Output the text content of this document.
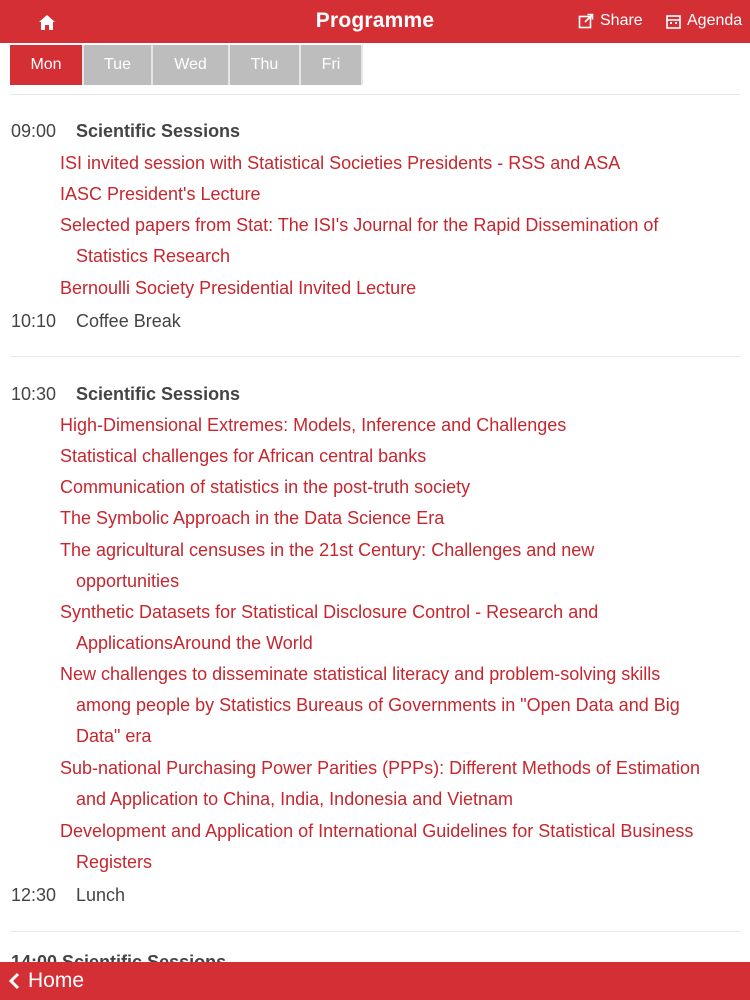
Programme	Share	Agenda
Mon	Tue	Wed	Thu	Fri
09:00 Scientific Sessions
ISI invited session with Statistical Societies Presidents - RSS and ASA
IASC President's Lecture
Selected papers from Stat: The ISI's Journal for the Rapid Dissemination of Statistics Research
Bernoulli Society Presidential Invited Lecture
10:10 Coffee Break
10:30 Scientific Sessions
High-Dimensional Extremes: Models, Inference and Challenges
Statistical challenges for African central banks
Communication of statistics in the post-truth society
The Symbolic Approach in the Data Science Era
The agricultural censuses in the 21st Century: Challenges and new opportunities
Synthetic Datasets for Statistical Disclosure Control - Research and ApplicationsAround the World
New challenges to disseminate statistical literacy and problem-solving skills among people by Statistics Bureaus of Governments in "Open Data and Big Data" era
Sub-national Purchasing Power Parities (PPPs): Different Methods of Estimation and Application to China, India, Indonesia and Vietnam
Development and Application of International Guidelines for Statistical Business Registers
12:30 Lunch
Home
